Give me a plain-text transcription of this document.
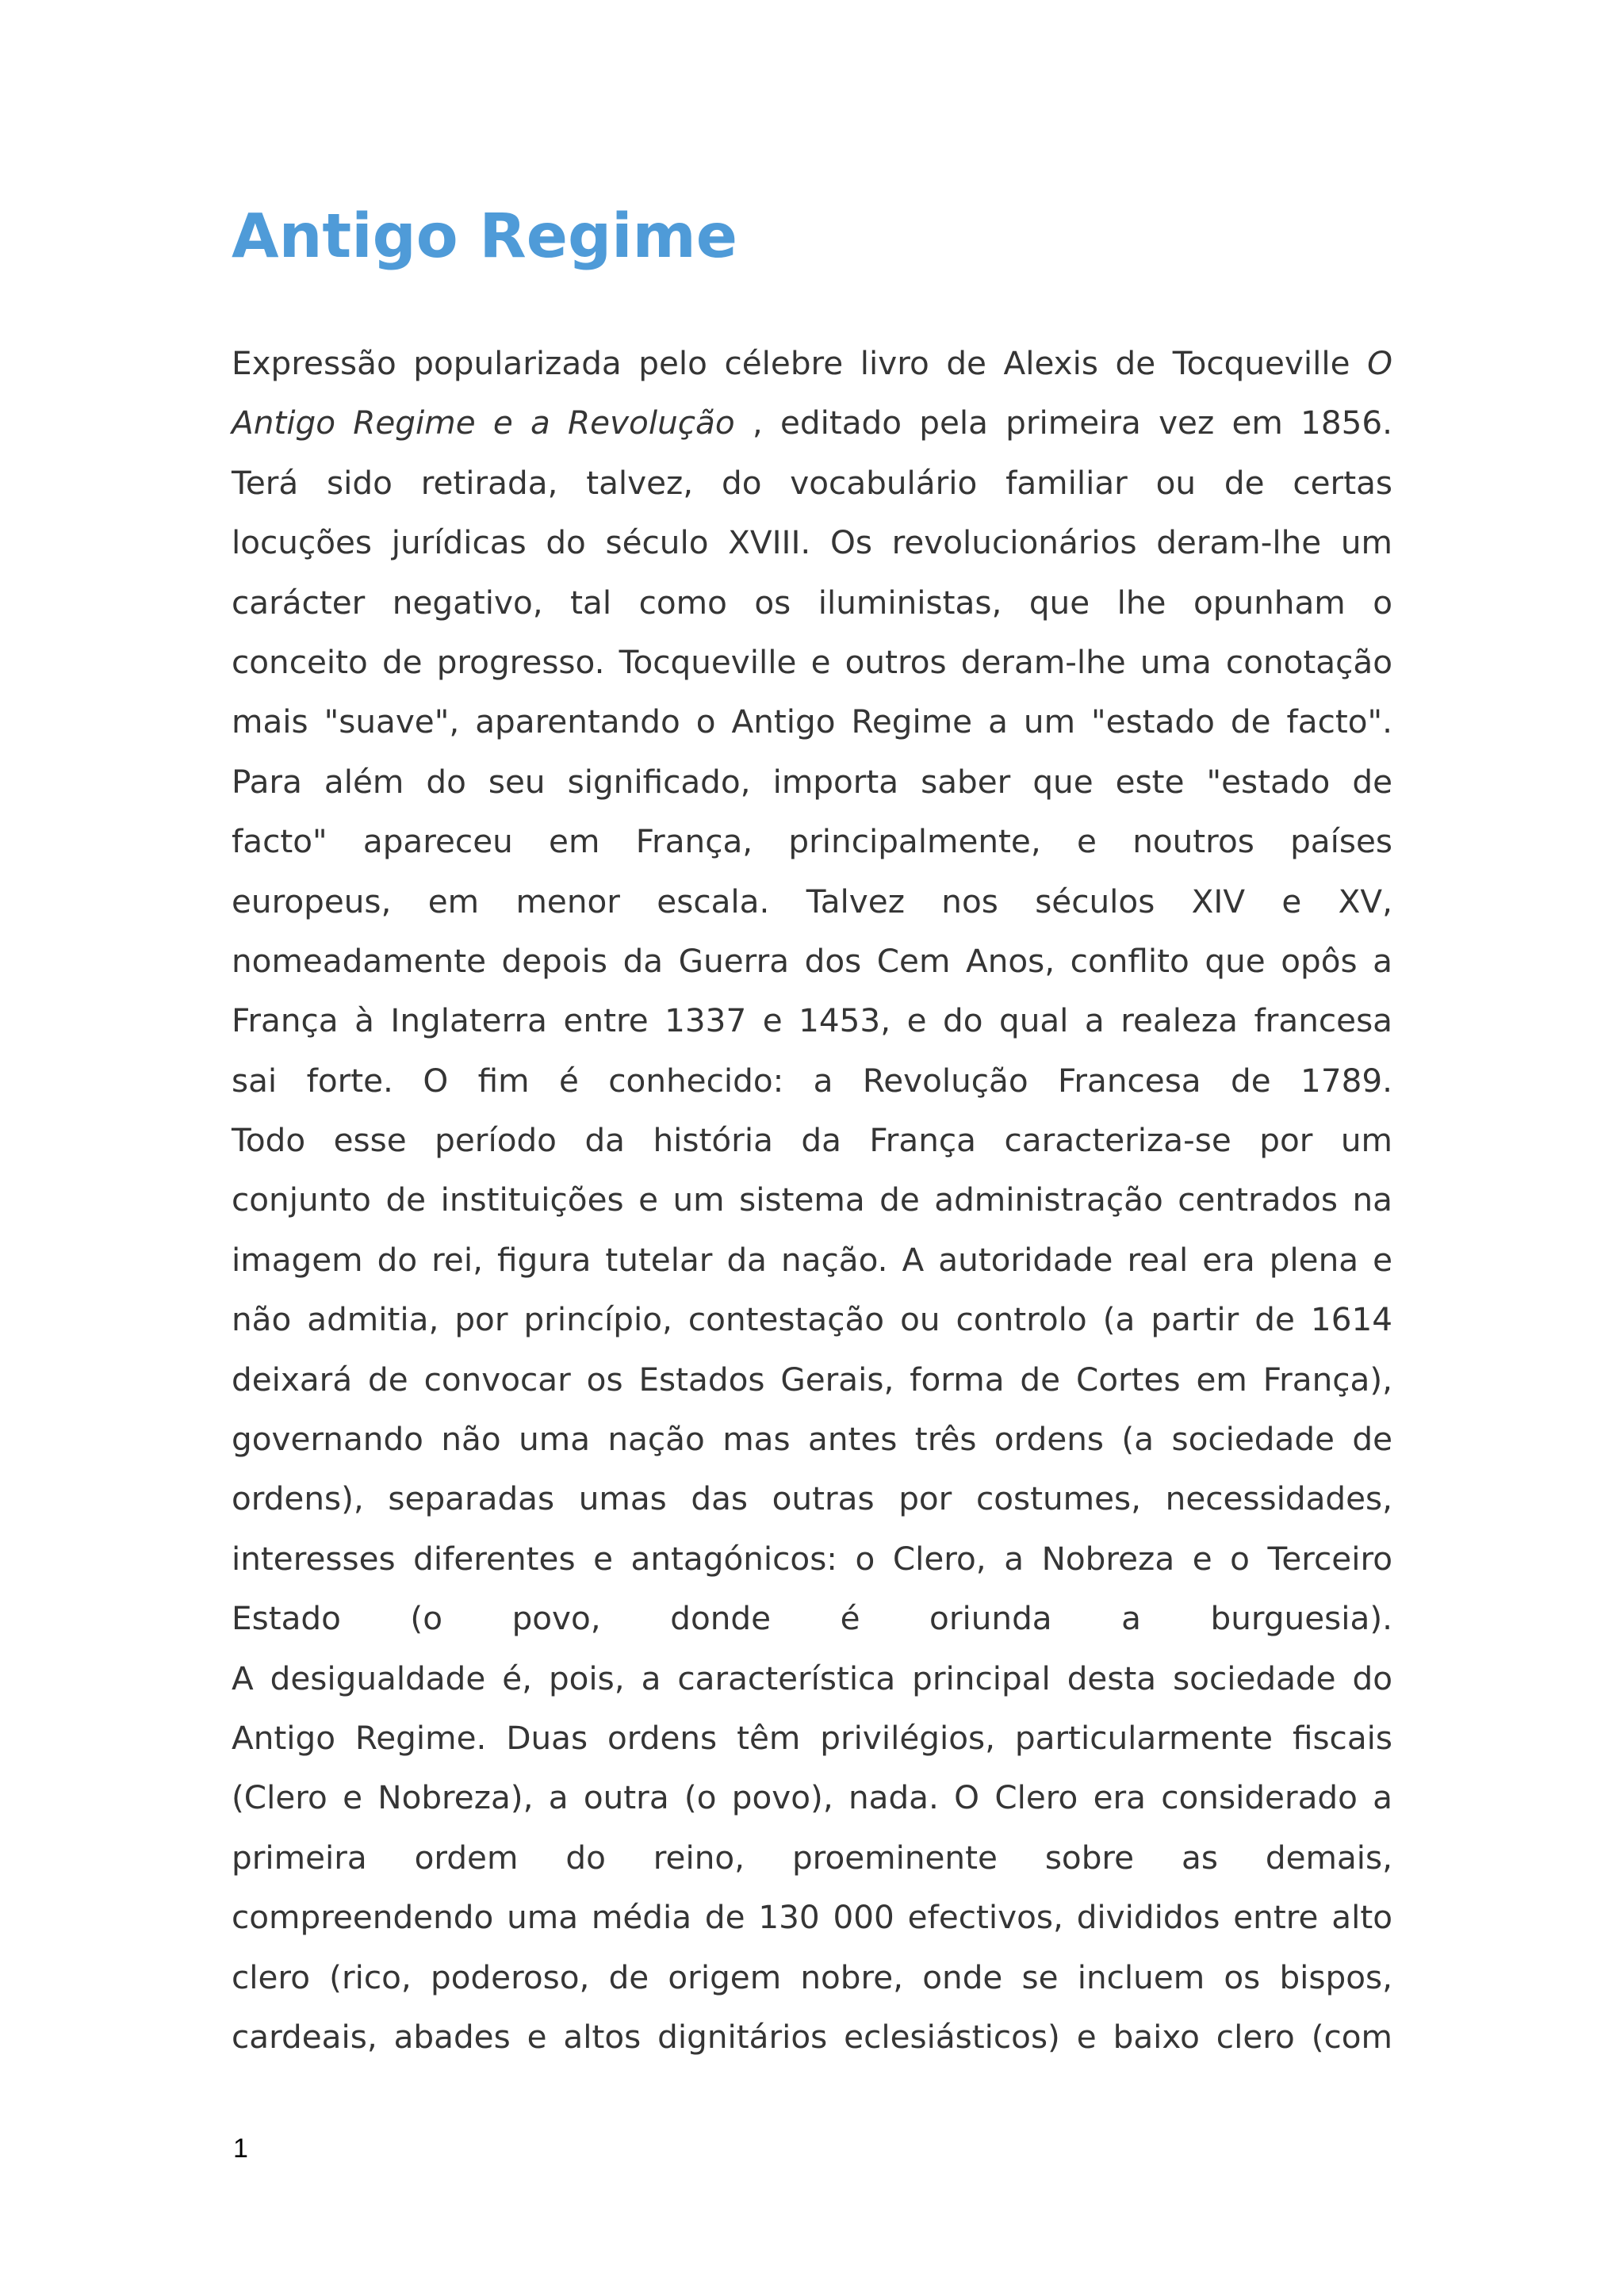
Antigo Regime
Expressão popularizada pelo célebre livro de Alexis de Tocqueville O
Antigo Regime e a Revolução , editado pela primeira vez em 1856.
Terá sido retirada, talvez, do vocabulário familiar ou de certas
locuções jurídicas do século XVIII. Os revolucionários deram-lhe um
carácter negativo, tal como os iluministas, que lhe opunham o
conceito de progresso. Tocqueville e outros deram-lhe uma conotação
mais "suave", aparentando o Antigo Regime a um "estado de facto".
Para além do seu significado, importa saber que este "estado de
facto" apareceu em França, principalmente, e noutros países
europeus, em menor escala. Talvez nos séculos XIV e XV,
nomeadamente depois da Guerra dos Cem Anos, conflito que opôs a
França à Inglaterra entre 1337 e 1453, e do qual a realeza francesa
sai forte. O fim é conhecido: a Revolução Francesa de 1789.
Todo esse período da história da França caracteriza-se por um
conjunto de instituições e um sistema de administração centrados na
imagem do rei, figura tutelar da nação. A autoridade real era plena e
não admitia, por princípio, contestação ou controlo (a partir de 1614
deixará de convocar os Estados Gerais, forma de Cortes em França),
governando não uma nação mas antes três ordens (a sociedade de
ordens), separadas umas das outras por costumes, necessidades,
interesses diferentes e antagónicos: o Clero, a Nobreza e o Terceiro
Estado (o povo, donde é oriunda a burguesia).
A desigualdade é, pois, a característica principal desta sociedade do
Antigo Regime. Duas ordens têm privilégios, particularmente fiscais
(Clero e Nobreza), a outra (o povo), nada. O Clero era considerado a
primeira ordem do reino, proeminente sobre as demais,
compreendendo uma média de 130 000 efectivos, divididos entre alto
clero (rico, poderoso, de origem nobre, onde se incluem os bispos,
cardeais, abades e altos dignitários eclesiásticos) e baixo clero (com
1
